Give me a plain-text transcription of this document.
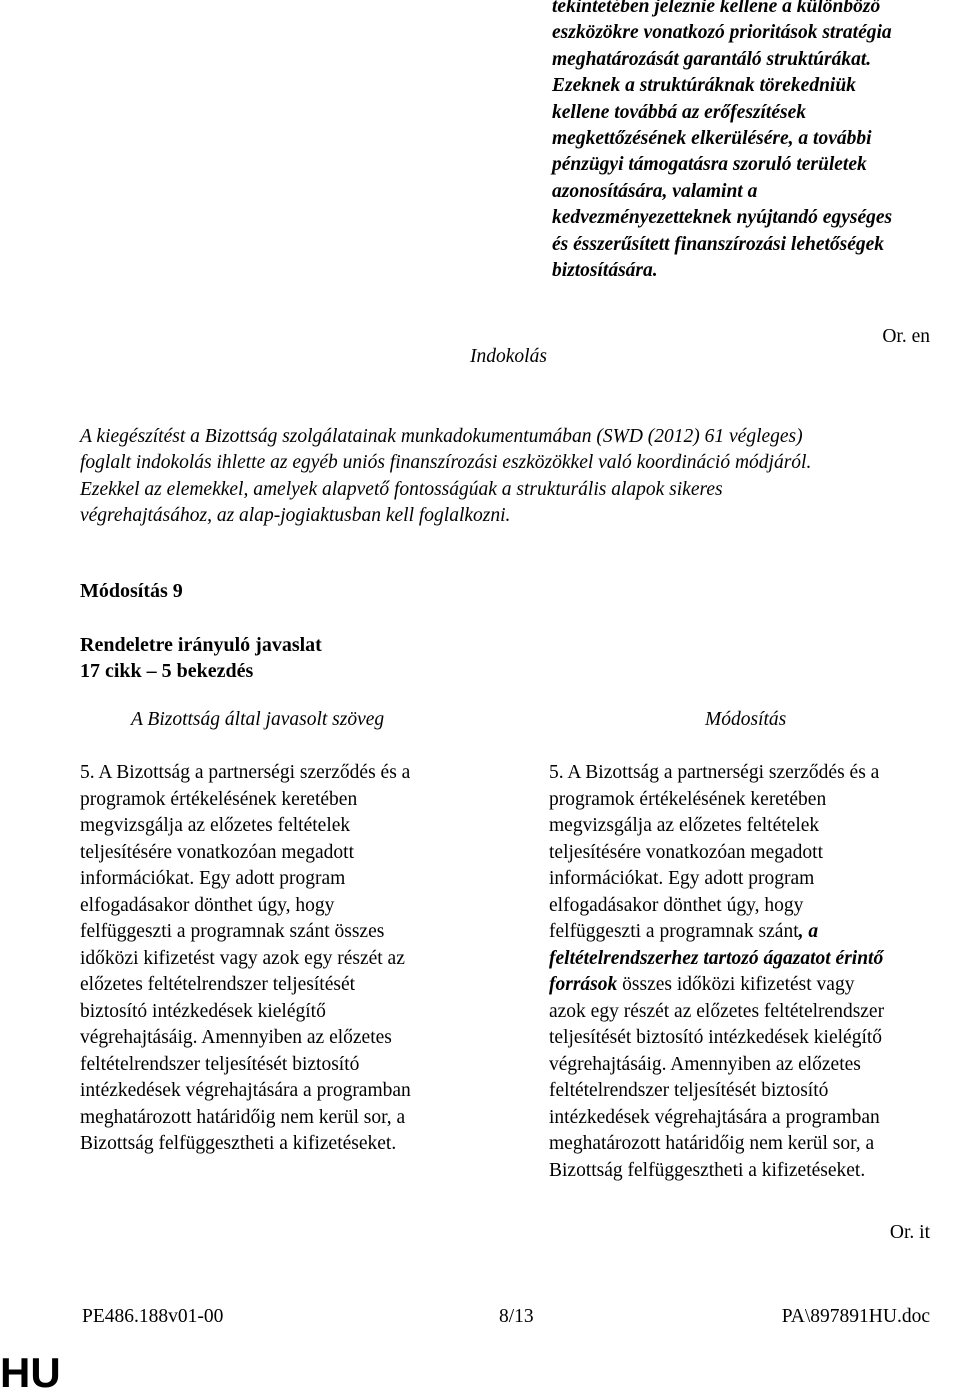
tekintetében jeleznie kellene a különböző
eszközökre vonatkozó prioritások stratégia
meghatározását garantáló struktúrákat.
Ezeknek a struktúráknak törekedniük
kellene továbbá az erőfeszítések
megkettőzésének elkerülésére, a további
pénzügyi támogatásra szoruló területek
azonosítására, valamint a
kedvezményezetteknek nyújtandó egységes
és ésszerűsített finanszírozási lehetőségek
biztosítására.
Or. en
Indokolás
A kiegészítést a Bizottság szolgálatainak munkadokumentumában (SWD (2012) 61 végleges)
foglalt indokolás ihlette az egyéb uniós finanszírozási eszközökkel való koordináció módjáról.
Ezekkel az elemekkel, amelyek alapvető fontosságúak a strukturális alapok sikeres
végrehajtásához, az alap-jogiaktusban kell foglalkozni.
Módosítás 9
Rendeletre irányuló javaslat
17 cikk – 5 bekezdés
A Bizottság által javasolt szöveg	Módosítás
5. A Bizottság a partnerségi szerződés és a
programok értékelésének keretében
megvizsgálja az előzetes feltételek
teljesítésére vonatkozóan megadott
információkat. Egy adott program
elfogadásakor dönthet úgy, hogy
felfüggeszti a programnak szánt összes
időközi kifizetést vagy azok egy részét az
előzetes feltételrendszer teljesítését
biztosító intézkedések kielégítő
végrehajtásáig. Amennyiben az előzetes
feltételrendszer teljesítését biztosító
intézkedések végrehajtására a programban
meghatározott határidőig nem kerül sor, a
Bizottság felfüggesztheti a kifizetéseket.
5. A Bizottság a partnerségi szerződés és a
programok értékelésének keretében
megvizsgálja az előzetes feltételek
teljesítésére vonatkozóan megadott
információkat. Egy adott program
elfogadásakor dönthet úgy, hogy
felfüggeszti a programnak szánt, a
feltételrendszerhez tartozó ágazatot érintő
források összes időközi kifizetést vagy
azok egy részét az előzetes feltételrendszer
teljesítését biztosító intézkedések kielégítő
végrehajtásáig. Amennyiben az előzetes
feltételrendszer teljesítését biztosító
intézkedések végrehajtására a programban
meghatározott határidőig nem kerül sor, a
Bizottság felfüggesztheti a kifizetéseket.
Or. it
PE486.188v01-00	8/13	PA\897891HU.doc
HU
